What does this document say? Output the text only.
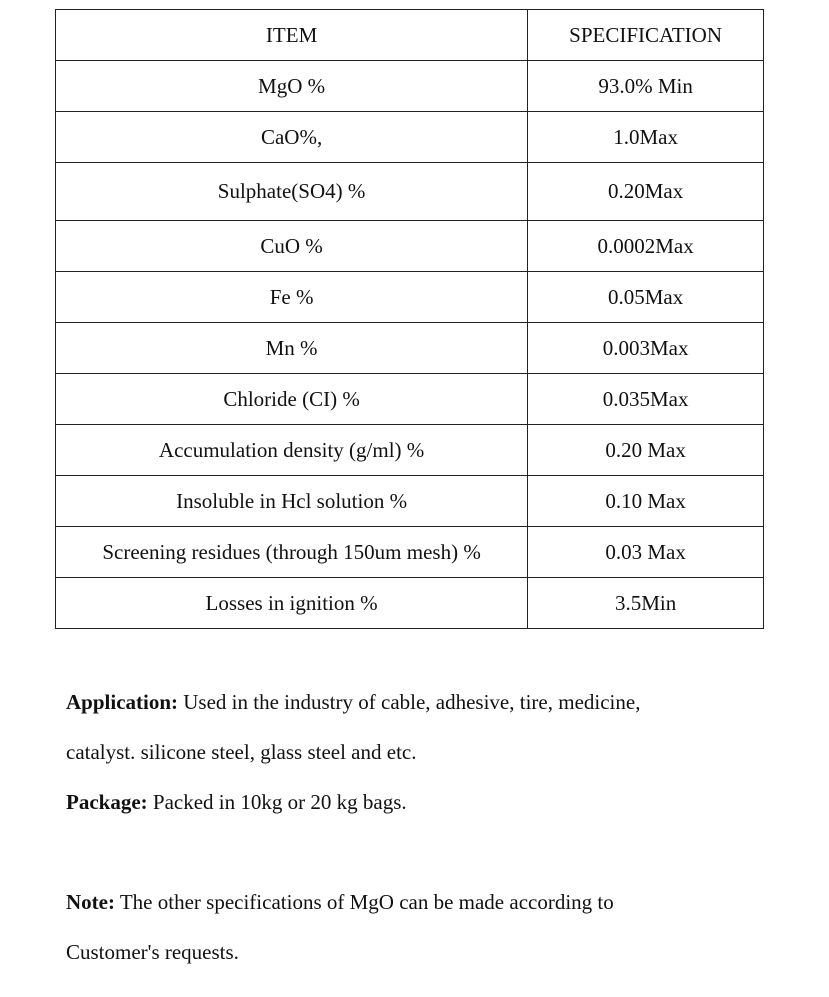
ITEM	SPECIFICATION
MgO %	93.0% Min
CaO%,	1.0Max
Sulphate(SO4) %	0.20Max
CuO %	0.0002Max
Fe %	0.05Max
Mn %	0.003Max
Chloride (CI) %	0.035Max
Accumulation density (g/ml) %	0.20 Max
Insoluble in Hcl solution %	0.10 Max
Screening residues (through 150um mesh) %	0.03 Max
Losses in ignition %	3.5Min

Application: Used in the industry of cable, adhesive, tire, medicine,

catalyst. silicone steel, glass steel and etc.

Package: Packed in 10kg or 20 kg bags.

Note: The other specifications of MgO can be made according to

Customer's requests.
